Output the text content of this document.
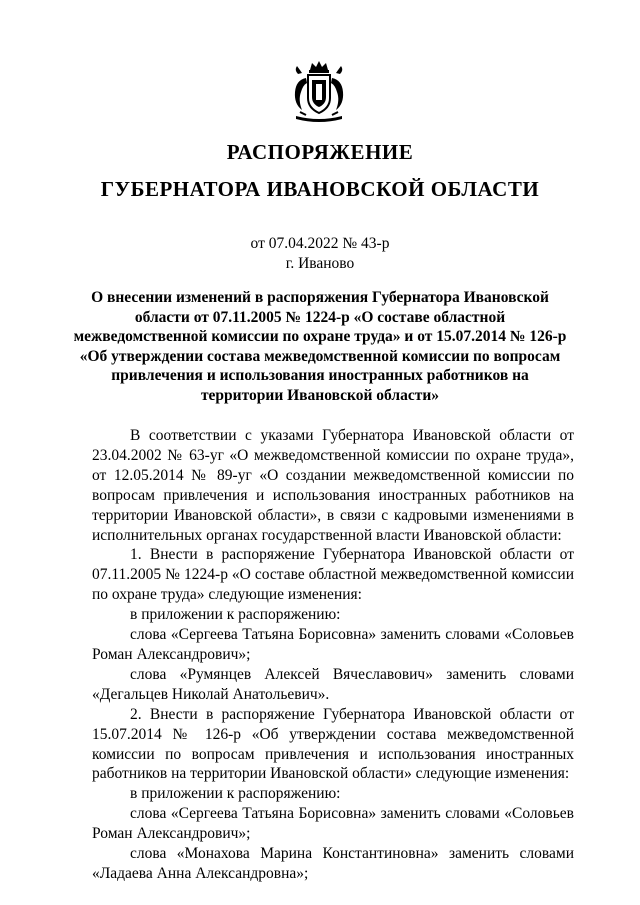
РАСПОРЯЖЕНИЕ
ГУБЕРНАТОРА ИВАНОВСКОЙ ОБЛАСТИ
от 07.04.2022 № 43-р
г. Иваново
О внесении изменений в распоряжения Губернатора Ивановской области от 07.11.2005 № 1224-р «О составе областной межведомственной комиссии по охране труда» и от 15.07.2014 № 126-р «Об утверждении состава межведомственной комиссии по вопросам привлечения и использования иностранных работников на территории Ивановской области»

В соответствии с указами Губернатора Ивановской области от 23.04.2002 № 63-уг «О межведомственной комиссии по охране труда», от 12.05.2014 № 89-уг «О создании межведомственной комиссии по вопросам привлечения и использования иностранных работников на территории Ивановской области», в связи с кадровыми изменениями в исполнительных органах государственной власти Ивановской области:

1. Внести в распоряжение Губернатора Ивановской области от 07.11.2005 № 1224-р «О составе областной межведомственной комиссии по охране труда» следующие изменения:

в приложении к распоряжению:

слова «Сергеева Татьяна Борисовна» заменить словами «Соловьев Роман Александрович»;

слова «Румянцев Алексей Вячеславович» заменить словами «Дегальцев Николай Анатольевич».

2. Внести в распоряжение Губернатора Ивановской области от 15.07.2014 № 126-р «Об утверждении состава межведомственной комиссии по вопросам привлечения и использования иностранных работников на территории Ивановской области» следующие изменения:

в приложении к распоряжению:

слова «Сергеева Татьяна Борисовна» заменить словами «Соловьев Роман Александрович»;

слова «Монахова Марина Константиновна» заменить словами «Ладаева Анна Александровна»;
